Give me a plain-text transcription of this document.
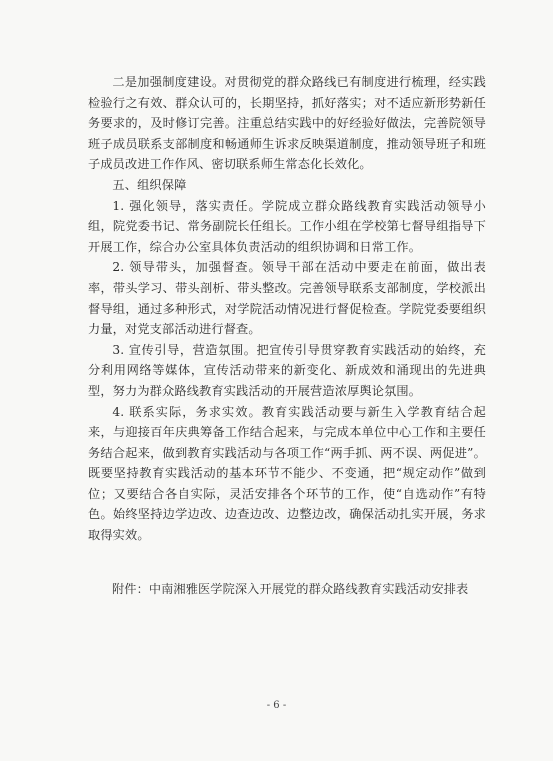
二是加强制度建设。对贯彻党的群众路线已有制度进行梳理，经实践检验行之有效、群众认可的，长期坚持，抓好落实；对不适应新形势新任务要求的，及时修订完善。注重总结实践中的好经验好做法，完善院领导班子成员联系支部制度和畅通师生诉求反映渠道制度，推动领导班子和班子成员改进工作作风、密切联系师生常态化长效化。

五、组织保障

1. 强化领导，落实责任。学院成立群众路线教育实践活动领导小组，院党委书记、常务副院长任组长。工作小组在学校第七督导组指导下开展工作，综合办公室具体负责活动的组织协调和日常工作。

2. 领导带头，加强督查。领导干部在活动中要走在前面，做出表率，带头学习、带头剖析、带头整改。完善领导联系支部制度，学校派出督导组，通过多种形式，对学院活动情况进行督促检查。学院党委要组织力量，对党支部活动进行督查。

3. 宣传引导，营造氛围。把宣传引导贯穿教育实践活动的始终，充分利用网络等媒体，宣传活动带来的新变化、新成效和涌现出的先进典型，努力为群众路线教育实践活动的开展营造浓厚舆论氛围。

4. 联系实际，务求实效。教育实践活动要与新生入学教育结合起来，与迎接百年庆典筹备工作结合起来，与完成本单位中心工作和主要任务结合起来，做到教育实践活动与各项工作“两手抓、两不误、两促进”。既要坚持教育实践活动的基本环节不能少、不变通，把“规定动作”做到位；又要结合各自实际，灵活安排各个环节的工作，使“自选动作”有特色。始终坚持边学边改、边查边改、边整边改，确保活动扎实开展，务求取得实效。

附件：中南湘雅医学院深入开展党的群众路线教育实践活动安排表
- 6 -
